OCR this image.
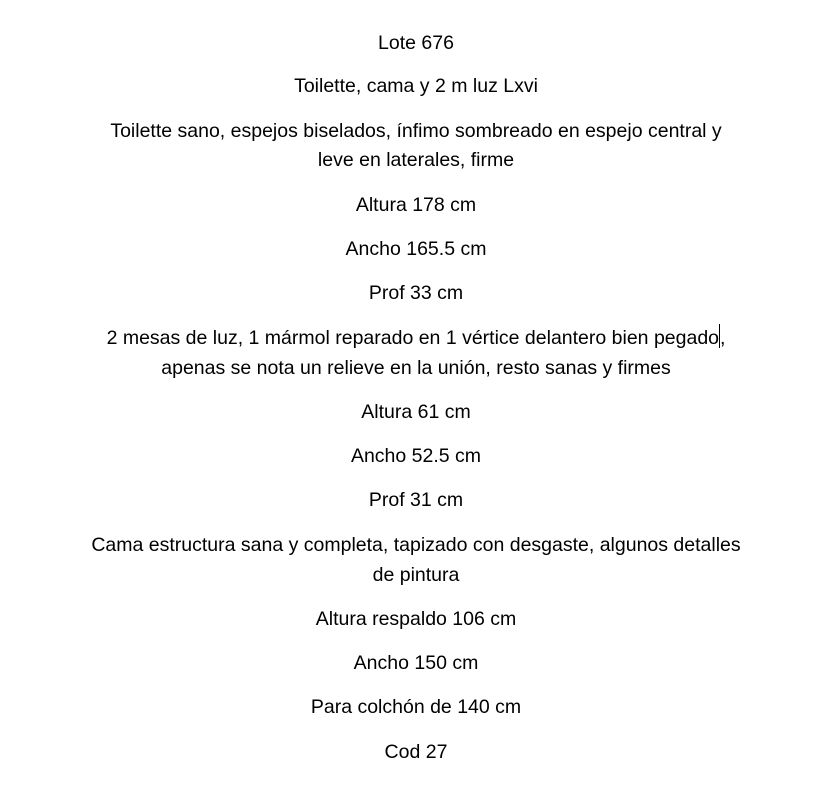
Lote 676
Toilette, cama y 2 m luz Lxvi
Toilette sano, espejos biselados, ínfimo sombreado en espejo central y
leve en laterales, firme
Altura 178 cm
Ancho 165.5 cm
Prof 33 cm
2 mesas de luz, 1 mármol reparado en 1 vértice delantero bien pegado,
apenas se nota un relieve en la unión, resto sanas y firmes
Altura 61 cm
Ancho 52.5 cm
Prof 31 cm
Cama estructura sana y completa, tapizado con desgaste, algunos detalles
de pintura
Altura respaldo 106 cm
Ancho 150 cm
Para colchón de 140 cm
Cod 27
